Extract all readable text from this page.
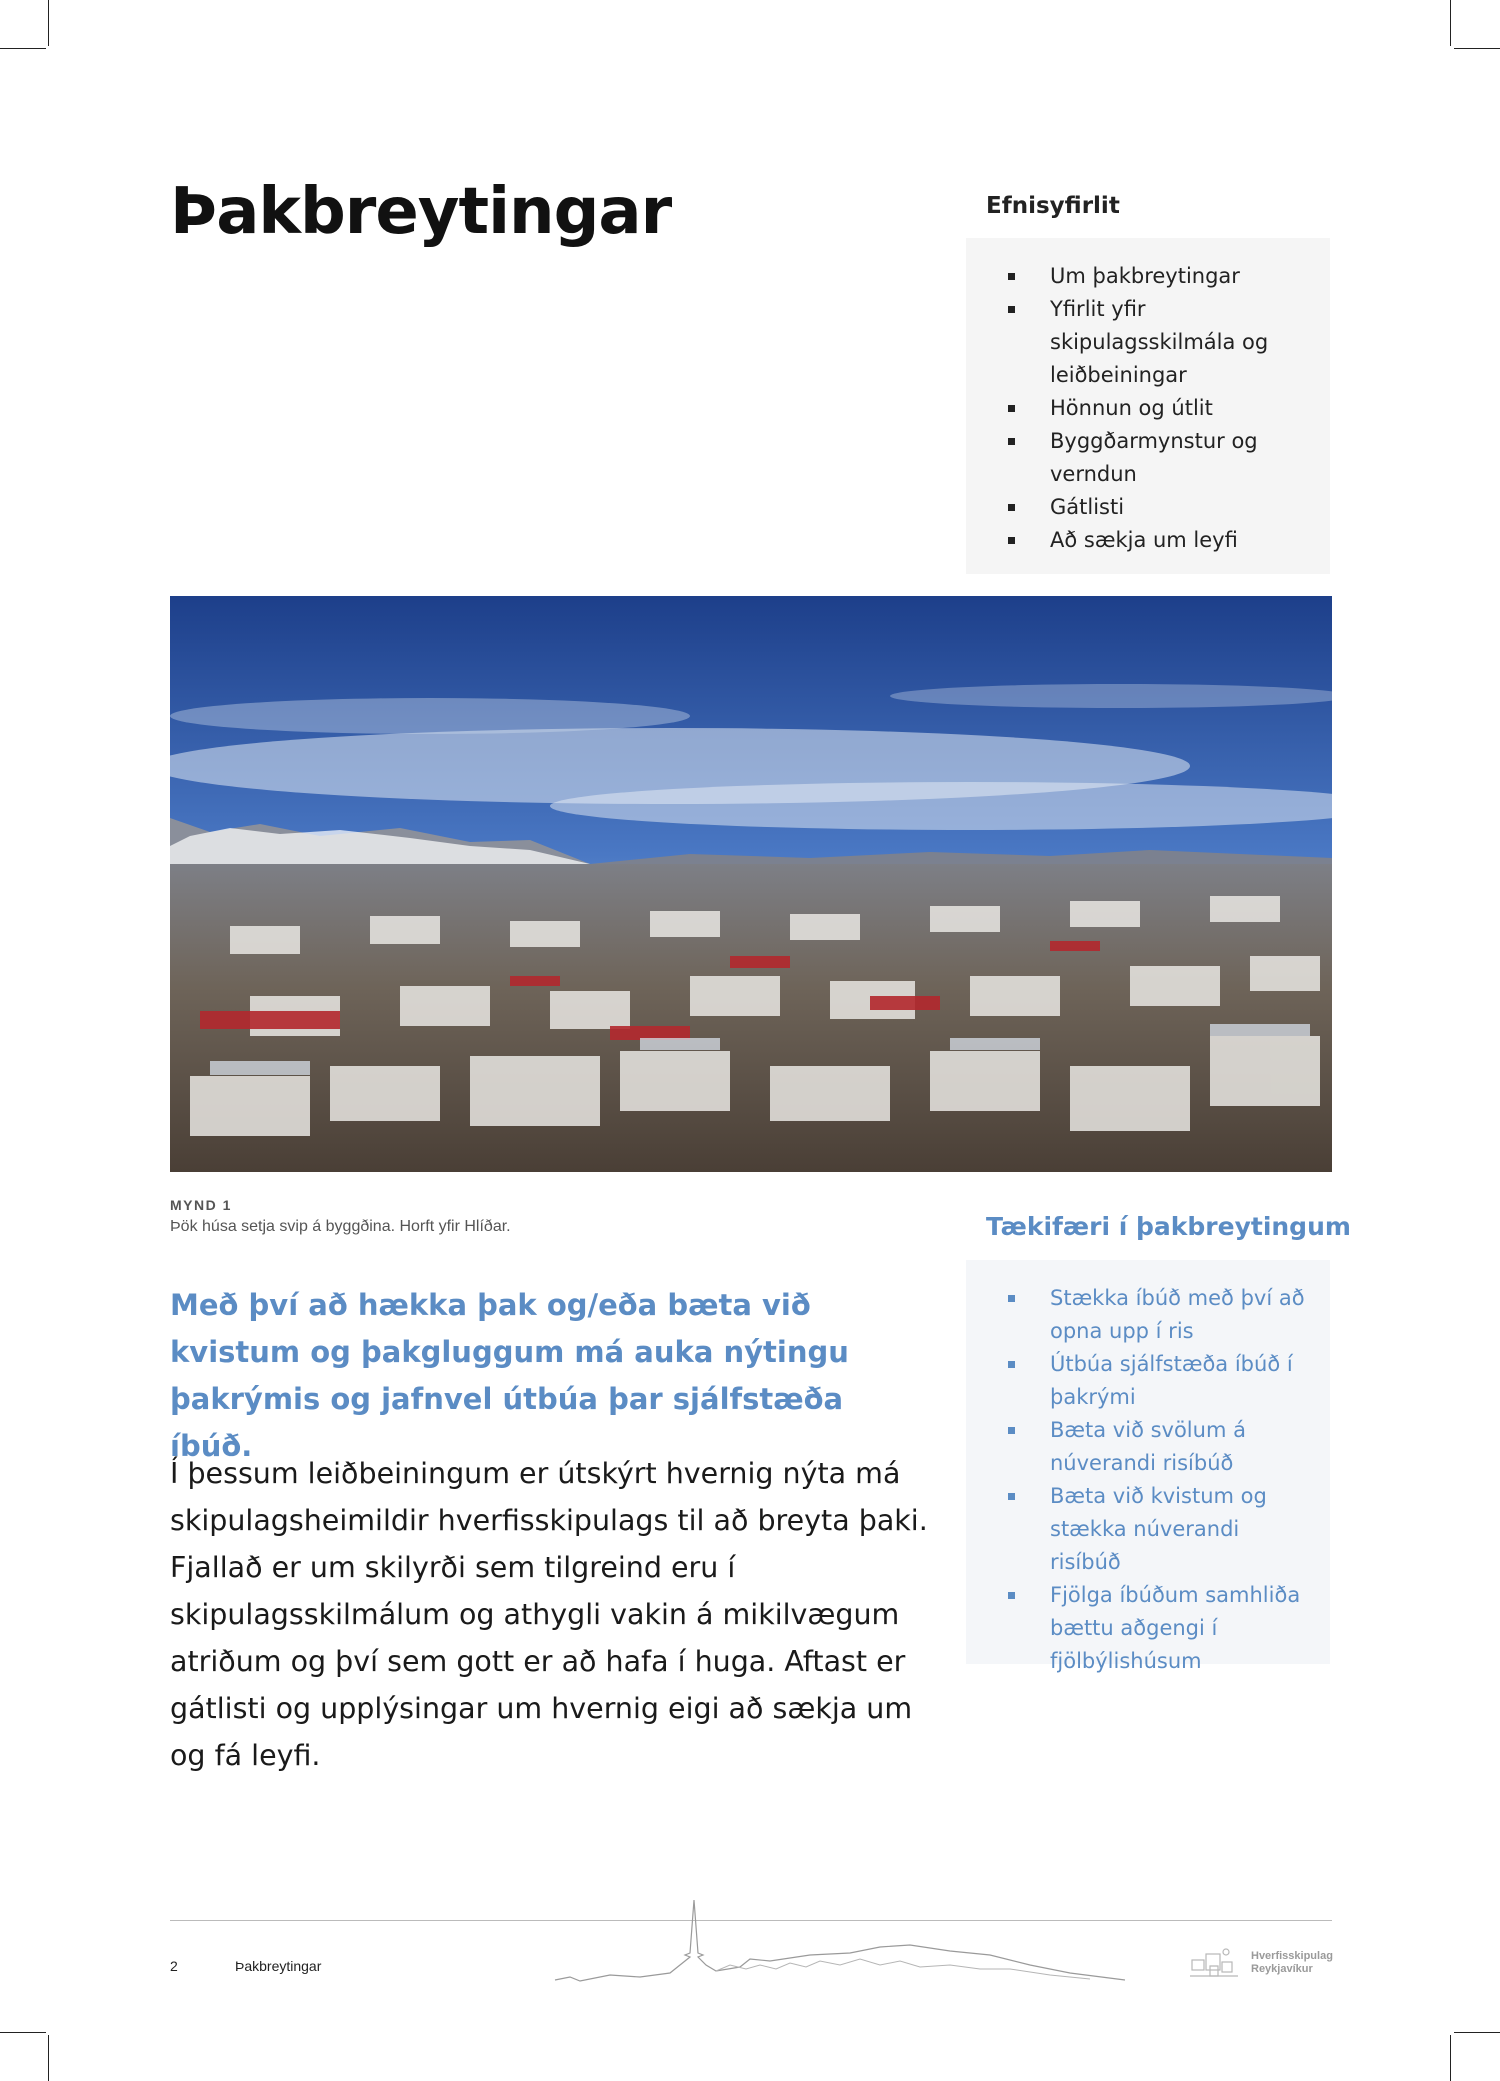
Þakbreytingar	Efnisyfirlit
Um þakbreytingar
Yfirlit yfir skipulagsskilmála og leiðbeiningar
Hönnun og útlit
Byggðarmynstur og verndun
Gátlisti
Að sækja um leyfi
MYND 1
Þök húsa setja svip á byggðina. Horft yfir Hlíðar.	Tækifæri í þakbreytingum
Stækka íbúð með því að opna upp í ris
Útbúa sjálfstæða íbúð í þakrými
Bæta við svölum á núverandi risíbúð
Bæta við kvistum og stækka núverandi risíbúð
Fjölga íbúðum samhliða bættu aðgengi í fjölbýlishúsum

Með því að hækka þak og/eða bæta við kvistum og þakgluggum má auka nýtingu þakrýmis og jafnvel útbúa þar sjálfstæða íbúð.

Í þessum leiðbeiningum er útskýrt hvernig nýta má skipulagsheimildir hverfisskipulags til að breyta þaki. Fjallað er um skilyrði sem tilgreind eru í skipulagsskilmálum og athygli vakin á mikilvægum atriðum og því sem gott er að hafa í huga. Aftast er gátlisti og upplýsingar um hvernig eigi að sækja um og fá leyfi.

2	Þakbreytingar
Hverfisskipulag
Reykjavíkur
